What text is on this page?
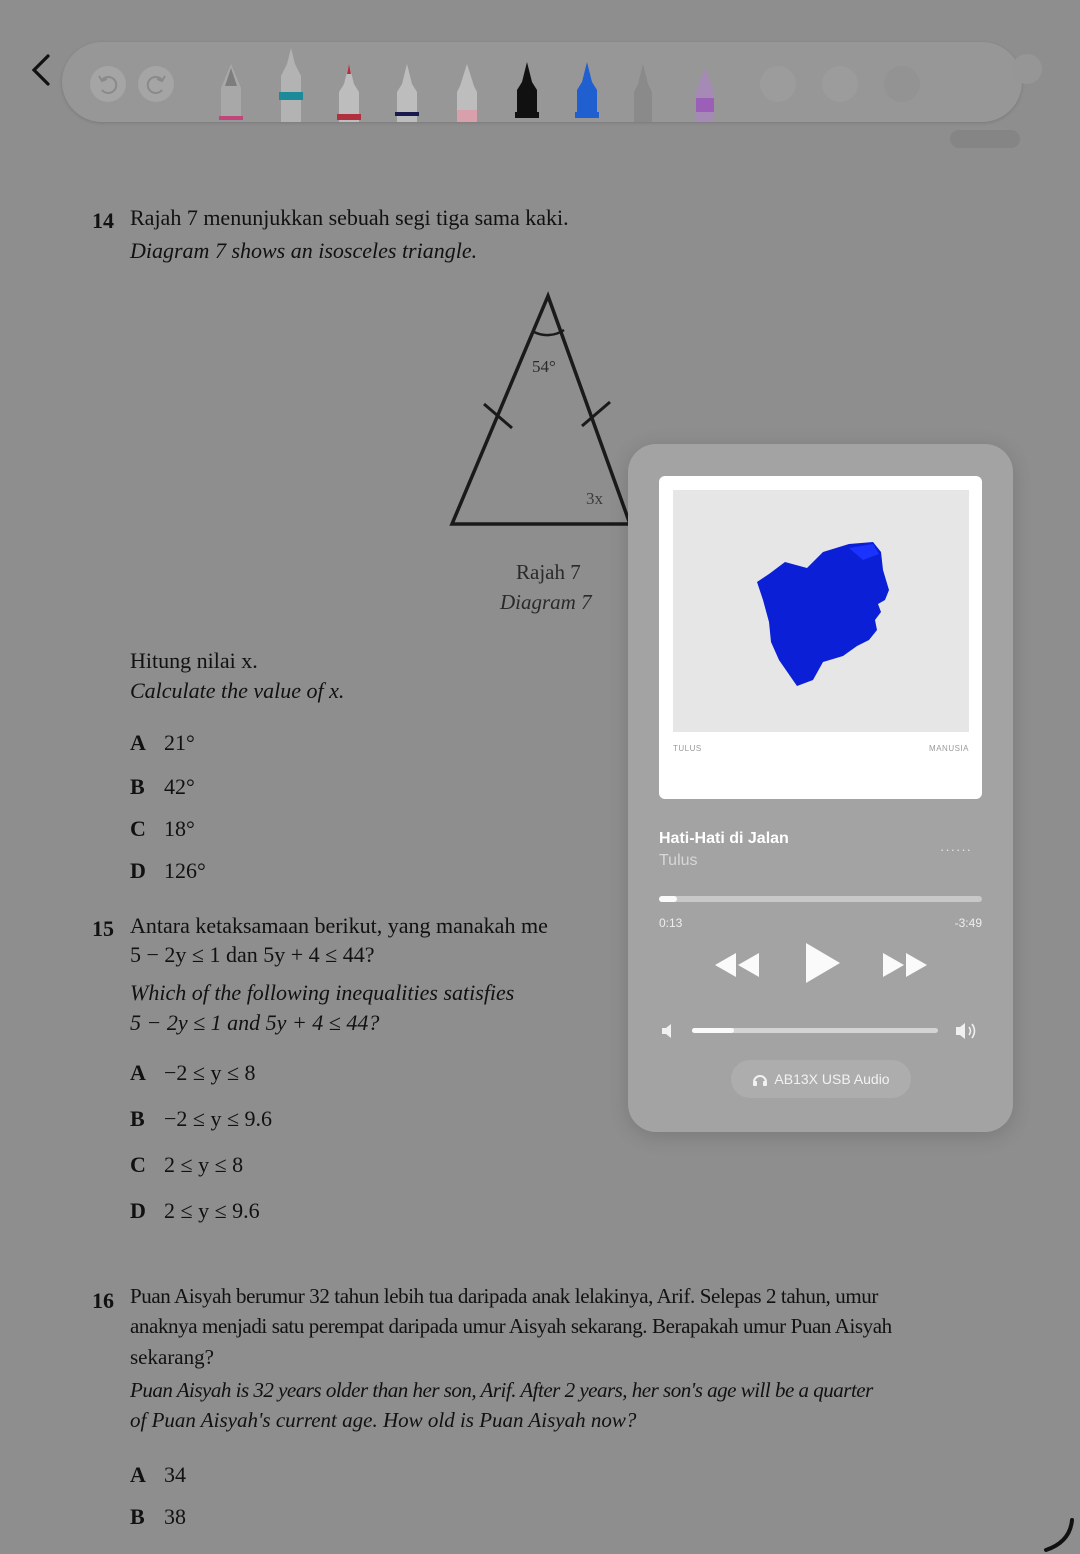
14 Rajah 7 menunjukkan sebuah segi tiga sama kaki.
Diagram 7 shows an isosceles triangle.
54°
3x
Rajah 7
Diagram 7
Hitung nilai x.
Calculate the value of x.
A 21°
B 42°
C 18°
D 126°
15 Antara ketaksamaan berikut, yang manakah me
5 − 2y ≤ 1 dan 5y + 4 ≤ 44?
Which of the following inequalities satisfies
5 − 2y ≤ 1 and 5y + 4 ≤ 44?
A −2 ≤ y ≤ 8
B −2 ≤ y ≤ 9.6
C 2 ≤ y ≤ 8
D 2 ≤ y ≤ 9.6
16 Puan Aisyah berumur 32 tahun lebih tua daripada anak lelakinya, Arif. Selepas 2 tahun, umur
anaknya menjadi satu perempat daripada umur Aisyah sekarang. Berapakah umur Puan Aisyah
sekarang?
Puan Aisyah is 32 years older than her son, Arif. After 2 years, her son's age will be a quarter
of Puan Aisyah's current age. How old is Puan Aisyah now?
A 34
B 38
TULUS	MANUSIA
Hati-Hati di Jalan
Tulus
······
0:13	-3:49
AB13X USB Audio
